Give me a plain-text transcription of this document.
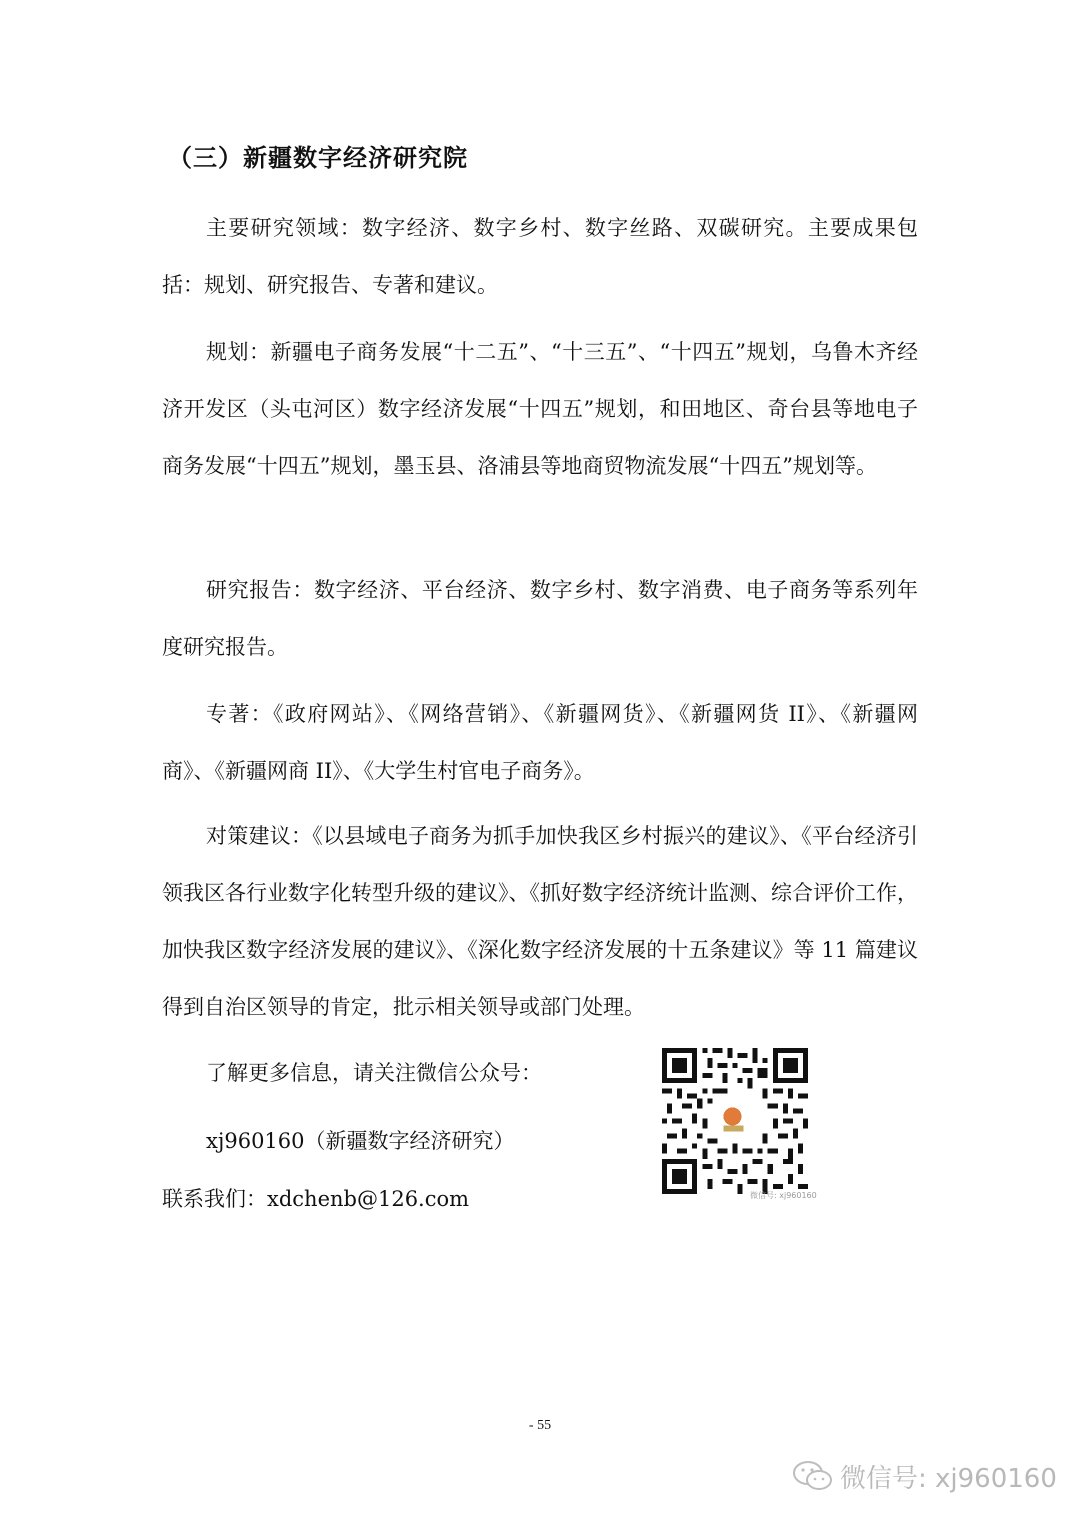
（三）新疆数字经济研究院
主要研究领域：数字经济、数字乡村、数字丝路、双碳研究。主要成果包括：规划、研究报告、专著和建议。
规划：新疆电子商务发展“十二五”、“十三五”、“十四五”规划，乌鲁木齐经济开发区（头屯河区）数字经济发展“十四五”规划，和田地区、奇台县等地电子商务发展“十四五”规划，墨玉县、洛浦县等地商贸物流发展“十四五”规划等。
研究报告：数字经济、平台经济、数字乡村、数字消费、电子商务等系列年度研究报告。
专著：《政府网站》、《网络营销》、《新疆网货》、《新疆网货 II》、《新疆网商》、《新疆网商 II》、《大学生村官电子商务》。
对策建议：《以县域电子商务为抓手加快我区乡村振兴的建议》、《平台经济引领我区各行业数字化转型升级的建议》、《抓好数字经济统计监测、综合评价工作，加快我区数字经济发展的建议》、《深化数字经济发展的十五条建议》等 11 篇建议得到自治区领导的肯定，批示相关领导或部门处理。
了解更多信息，请关注微信公众号：
xj960160（新疆数字经济研究）
联系我们：xdchenb@126.com	微信号: xj960160
- 55
微信号: xj960160
